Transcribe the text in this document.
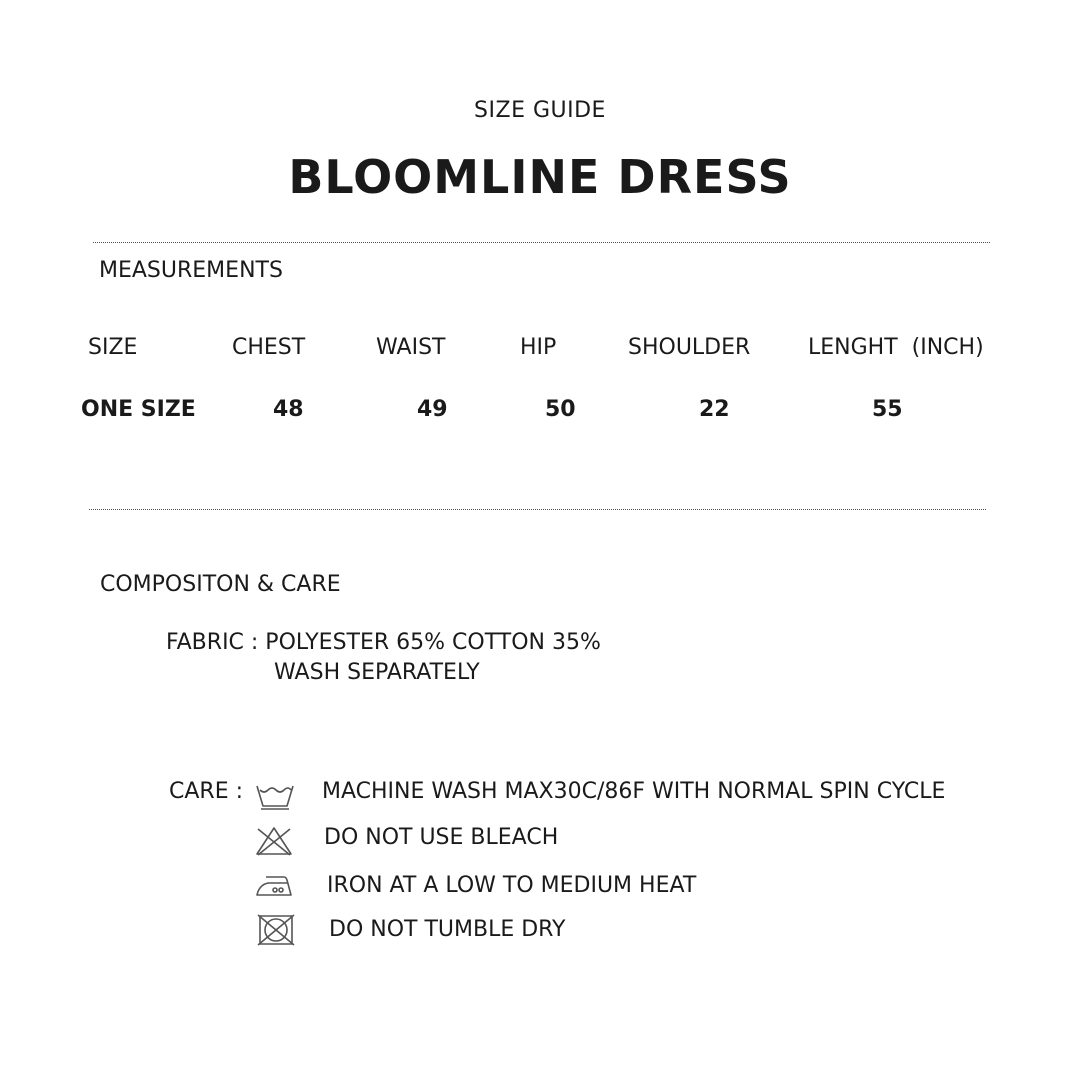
SIZE GUIDE
BLOOMLINE DRESS
MEASUREMENTS
SIZE	CHEST	WAIST	HIP	SHOULDER	LENGHT  (INCH)
ONE SIZE	48	49	50	22	55
COMPOSITON & CARE
FABRIC : POLYESTER 65% COTTON 35%
WASH SEPARATELY
CARE :	MACHINE WASH MAX30C/86F WITH NORMAL SPIN CYCLE
DO NOT USE BLEACH
IRON AT A LOW TO MEDIUM HEAT
DO NOT TUMBLE DRY
